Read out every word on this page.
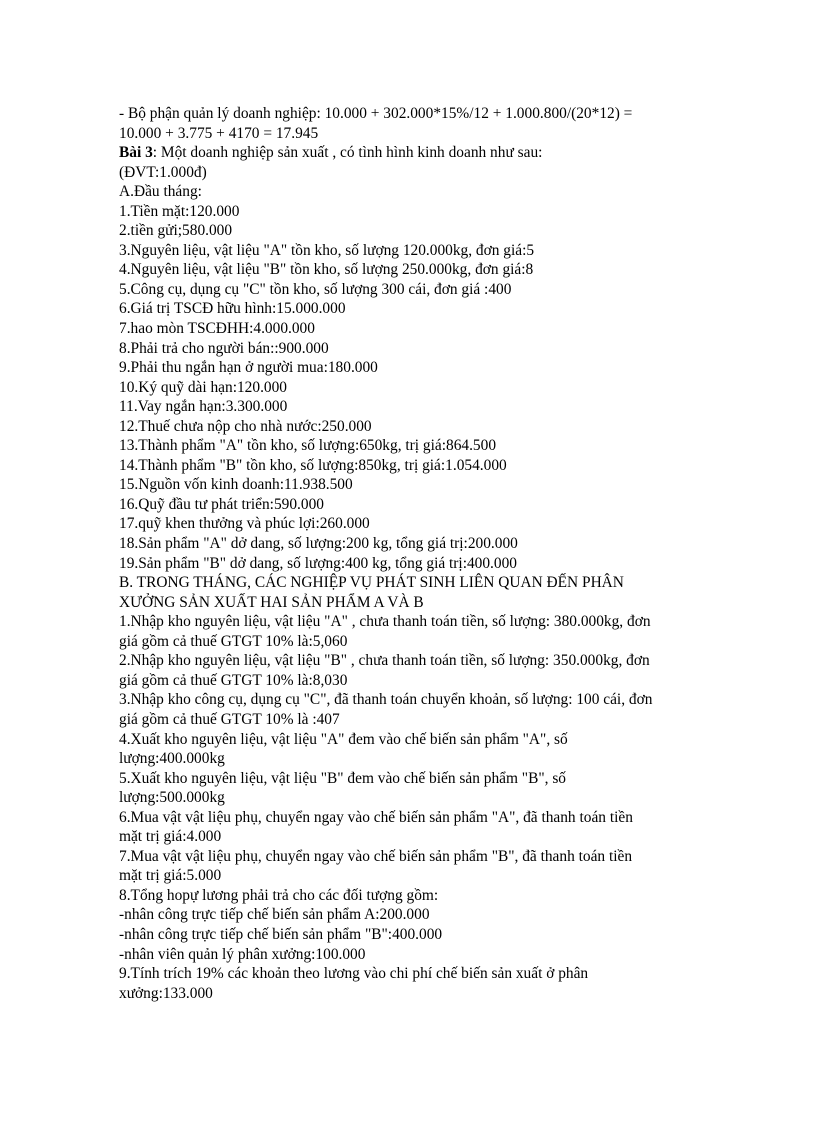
- Bộ phận quản lý doanh nghiệp: 10.000 + 302.000*15%/12 + 1.000.800/(20*12) =
10.000 + 3.775 + 4170 = 17.945
Bài 3: Một doanh nghiệp sản xuất , có tình hình kinh doanh như sau:
(ĐVT:1.000đ)
A.Đầu tháng:
1.Tiền mặt:120.000
2.tiền gửi;580.000
3.Nguyên liệu, vật liệu "A" tồn kho, số lượng 120.000kg, đơn giá:5
4.Nguyên liệu, vật liệu "B" tồn kho, số lượng 250.000kg, đơn giá:8
5.Công cụ, dụng cụ "C" tồn kho, số lượng 300 cái, đơn giá :400
6.Giá trị TSCĐ hữu hình:15.000.000
7.hao mòn TSCĐHH:4.000.000
8.Phải trả cho người bán::900.000
9.Phải thu ngắn hạn ở người mua:180.000
10.Ký quỹ dài hạn:120.000
11.Vay ngắn hạn:3.300.000
12.Thuế chưa nộp cho nhà nước:250.000
13.Thành phẩm "A" tồn kho, số lượng:650kg, trị giá:864.500
14.Thành phẩm "B" tồn kho, số lượng:850kg, trị giá:1.054.000
15.Nguồn vốn kinh doanh:11.938.500
16.Quỹ đầu tư phát triển:590.000
17.quỹ khen thưởng và phúc lợi:260.000
18.Sản phẩm "A" dở dang, số lượng:200 kg, tổng giá trị:200.000
19.Sản phẩm "B" dở dang, số lượng:400 kg, tổng giá trị:400.000
B. TRONG THÁNG, CÁC NGHIỆP VỤ PHÁT SINH LIÊN QUAN ĐẾN PHÂN
XƯỞNG SẢN XUẤT HAI SẢN PHẨM A VÀ B
1.Nhập kho nguyên liệu, vật liệu "A" , chưa thanh toán tiền, số lượng: 380.000kg, đơn
giá gồm cả thuế GTGT 10% là:5,060
2.Nhập kho nguyên liệu, vật liệu "B" , chưa thanh toán tiền, số lượng: 350.000kg, đơn
giá gồm cả thuế GTGT 10% là:8,030
3.Nhập kho công cụ, dụng cụ "C", đã thanh toán chuyển khoản, số lượng: 100 cái, đơn
giá gồm cả thuế GTGT 10% là :407
4.Xuất kho nguyên liệu, vật liệu "A" đem vào chế biến sản phẩm "A", số
lượng:400.000kg
5.Xuất kho nguyên liệu, vật liệu "B" đem vào chế biến sản phẩm "B", số
lượng:500.000kg
6.Mua vật vật liệu phụ, chuyển ngay vào chế biến sản phẩm "A", đã thanh toán tiền
mặt trị giá:4.000
7.Mua vật vật liệu phụ, chuyển ngay vào chế biến sản phẩm "B", đã thanh toán tiền
mặt trị giá:5.000
8.Tổng hopự lương phải trả cho các đối tượng gồm:
-nhân công trực tiếp chế biến sản phẩm A:200.000
-nhân công trực tiếp chế biến sản phẩm "B":400.000
-nhân viên quản lý phân xưởng:100.000
9.Tính trích 19% các khoản theo lương vào chi phí chế biến sản xuất ở phân
xưởng:133.000
